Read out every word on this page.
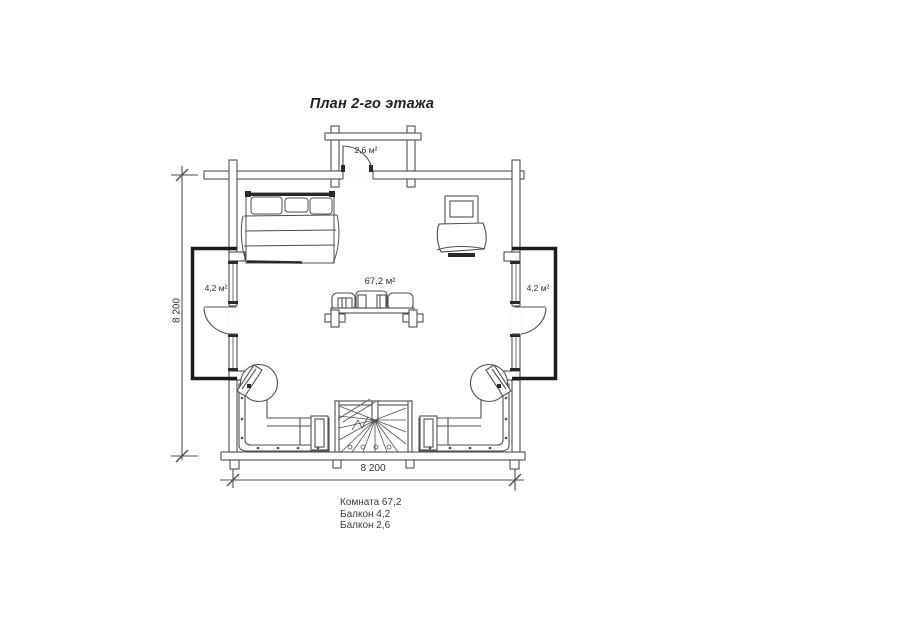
План 2-го этажа
2,6 м²
67,2 м²
4,2 м²	4,2 м²
8 200
8 200
Комната 67,2
Балкон 4,2
Балкон 2,6
